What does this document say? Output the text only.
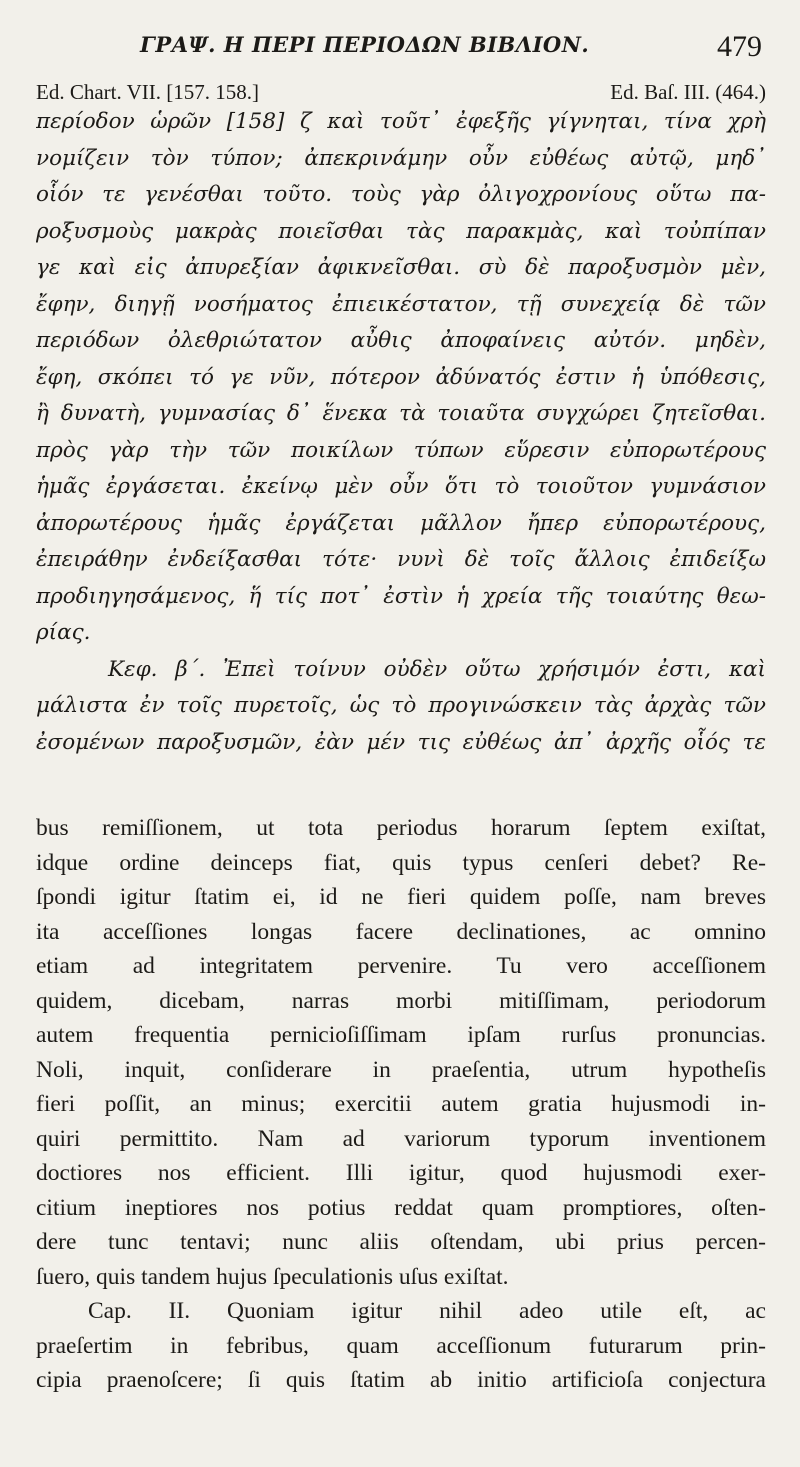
ΓΡΑΨ. Η ΠΕΡΙ ΠΕΡΙΟΔΩΝ ΒΙΒΛΙΟΝ.	479
Ed. Chart. VII. [157. 158.]	Ed. Baſ. III. (464.)
περίοδον ὡρῶν [158] ζ καὶ τοῦτ᾽ ἐφεξῆς γίγνηται, τίνα χρὴ
νομίζειν τὸν τύπον; ἀπεκρινάμην οὖν εὐθέως αὐτῷ, μηδ᾽
οἷόν τε γενέσθαι τοῦτο. τοὺς γὰρ ὀλιγοχρονίους οὕτω πα-
ροξυσμοὺς μακρὰς ποιεῖσθαι τὰς παρακμὰς, καὶ τοὐπίπαν
γε καὶ εἰς ἀπυρεξίαν ἀφικνεῖσθαι. σὺ δὲ παροξυσμὸν μὲν,
ἔφην, διηγῇ νοσήματος ἐπιεικέστατον, τῇ συνεχείᾳ δὲ τῶν
περιόδων ὀλεθριώτατον αὖθις ἀποφαίνεις αὐτόν. μηδὲν,
ἔφη, σκόπει τό γε νῦν, πότερον ἀδύνατός ἐστιν ἡ ὑπόθεσις,
ἢ δυνατὴ, γυμνασίας δ᾽ ἕνεκα τὰ τοιαῦτα συγχώρει ζητεῖσθαι.
πρὸς γὰρ τὴν τῶν ποικίλων τύπων εὕρεσιν εὐπορωτέρους
ἡμᾶς ἐργάσεται. ἐκείνῳ μὲν οὖν ὅτι τὸ τοιοῦτον γυμνάσιον
ἀπορωτέρους ἡμᾶς ἐργάζεται μᾶλλον ἤπερ εὐπορωτέρους,
ἐπειράθην ἐνδείξασθαι τότε· νυνὶ δὲ τοῖς ἄλλοις ἐπιδείξω
προδιηγησάμενος, ἥ τίς ποτ᾽ ἐστὶν ἡ χρεία τῆς τοιαύτης θεω-
ρίας.
Κεφ. β΄. Ἐπεὶ τοίνυν οὐδὲν οὕτω χρήσιμόν ἐστι, καὶ
μάλιστα ἐν τοῖς πυρετοῖς, ὡς τὸ προγινώσκειν τὰς ἀρχὰς τῶν
ἐσομένων παροξυσμῶν, ἐὰν μέν τις εὐθέως ἀπ᾽ ἀρχῆς οἷός τε
bus remiſſionem, ut tota periodus horarum ſeptem exiſtat,
idque ordine deinceps fiat, quis typus cenſeri debet? Re-
ſpondi igitur ſtatim ei, id ne fieri quidem poſſe, nam breves
ita acceſſiones longas facere declinationes, ac omnino
etiam ad integritatem pervenire. Tu vero acceſſionem
quidem, dicebam, narras morbi mitiſſimam, periodorum
autem frequentia pernicioſiſſimam ipſam rurſus pronuncias.
Noli, inquit, conſiderare in praeſentia, utrum hypotheſis
fieri poſſit, an minus; exercitii autem gratia hujusmodi in-
quiri permittito. Nam ad variorum typorum inventionem
doctiores nos efficient. Illi igitur, quod hujusmodi exer-
citium ineptiores nos potius reddat quam promptiores, oſten-
dere tunc tentavi; nunc aliis oſtendam, ubi prius percen-
ſuero, quis tandem hujus ſpeculationis uſus exiſtat.
Cap. II. Quoniam igitur nihil adeo utile eſt, ac
praeſertim in febribus, quam acceſſionum futurarum prin-
cipia praenoſcere; ſi quis ſtatim ab initio artificioſa conjectura
